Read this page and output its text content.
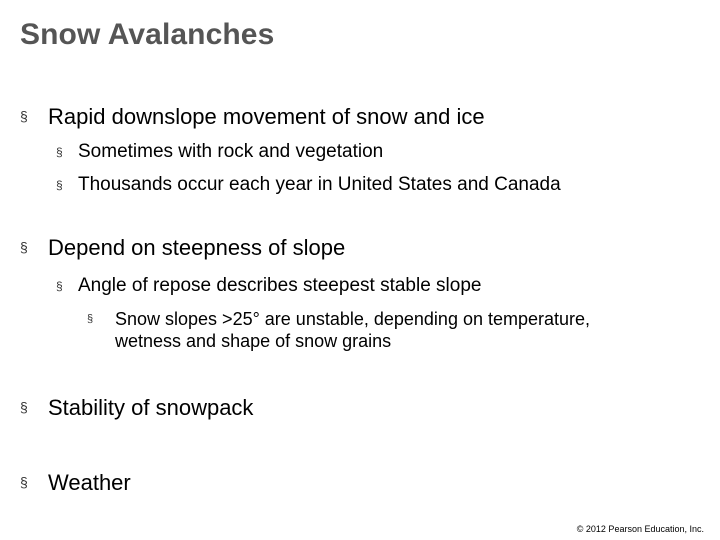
Snow Avalanches
§ Rapid downslope movement of snow and ice
§ Sometimes with rock and vegetation
§ Thousands occur each year in United States and Canada
§ Depend on steepness of slope
§ Angle of repose describes steepest stable slope
§	Snow slopes >25° are unstable, depending on temperature, wetness and shape of snow grains
§ Stability of snowpack
§ Weather
© 2012 Pearson Education, Inc.
